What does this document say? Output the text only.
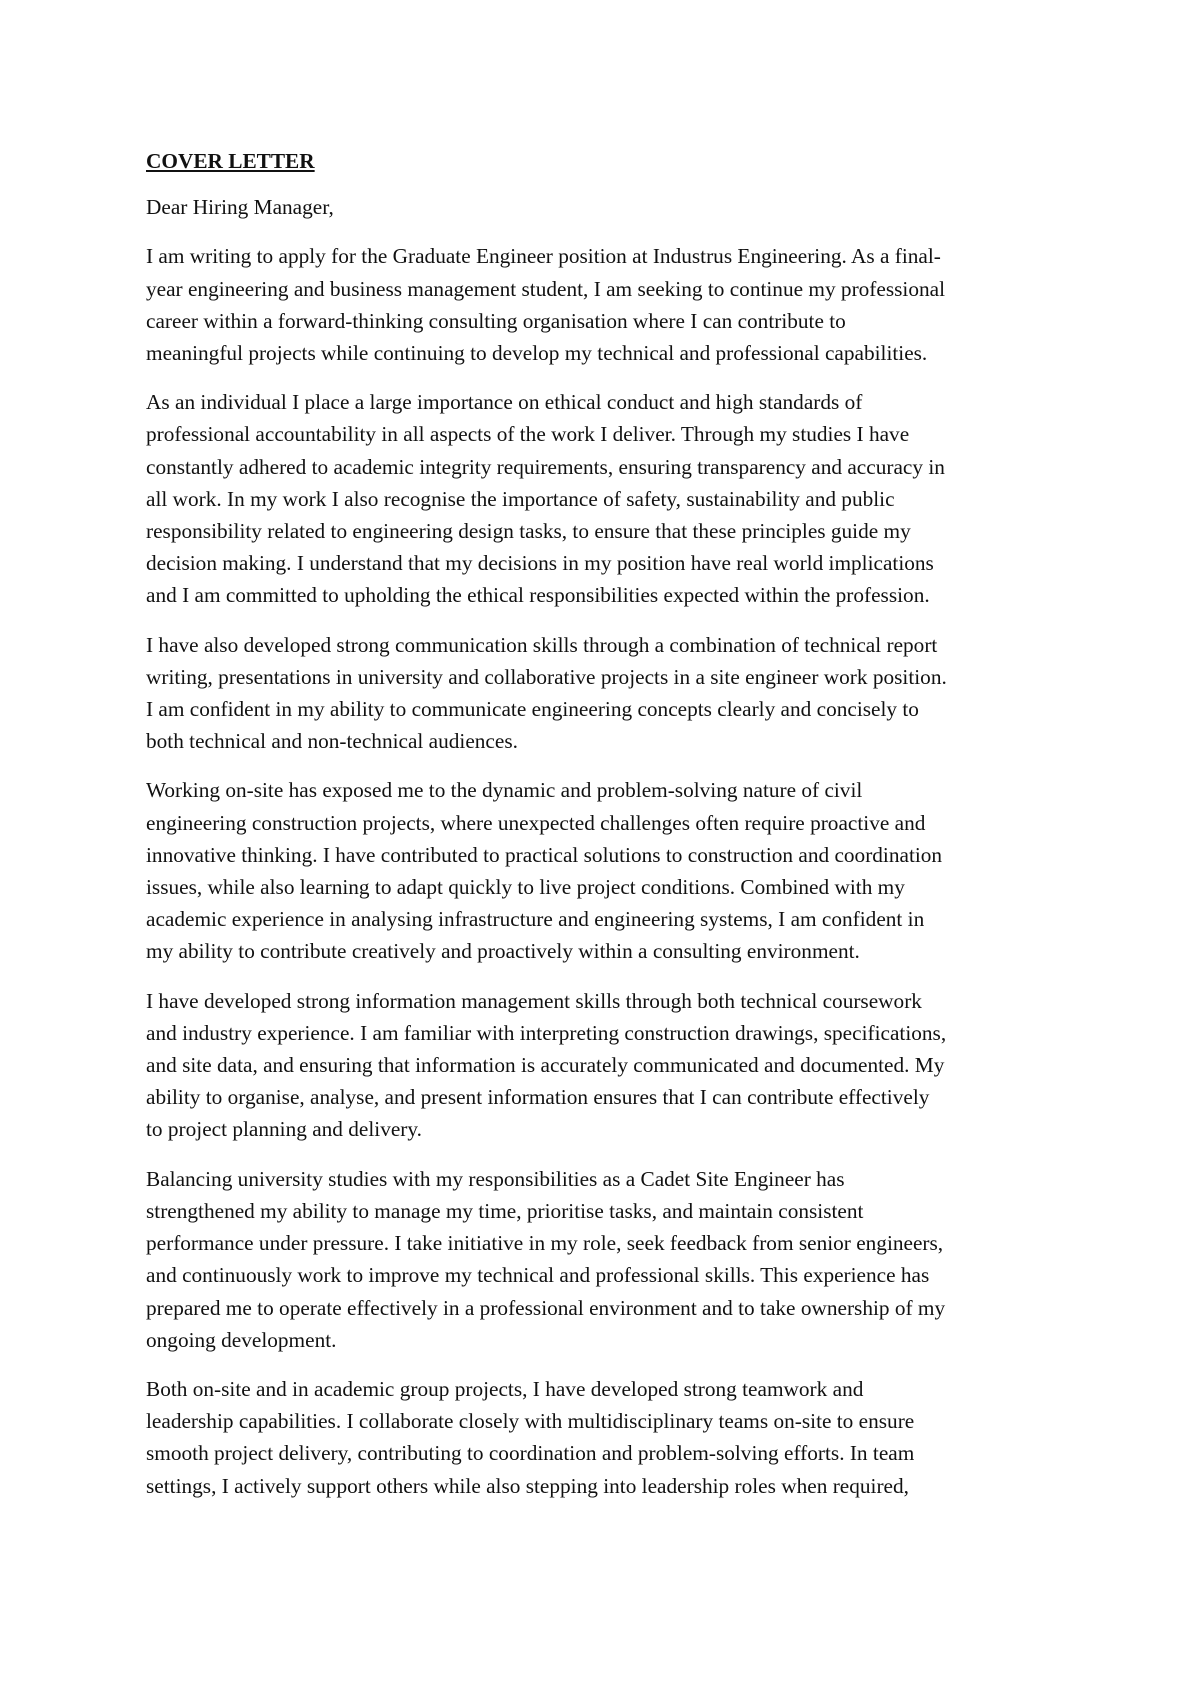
COVER LETTER
Dear Hiring Manager,
I am writing to apply for the Graduate Engineer position at Industrus Engineering. As a final-
year engineering and business management student, I am seeking to continue my professional
career within a forward-thinking consulting organisation where I can contribute to
meaningful projects while continuing to develop my technical and professional capabilities.
As an individual I place a large importance on ethical conduct and high standards of
professional accountability in all aspects of the work I deliver. Through my studies I have
constantly adhered to academic integrity requirements, ensuring transparency and accuracy in
all work. In my work I also recognise the importance of safety, sustainability and public
responsibility related to engineering design tasks, to ensure that these principles guide my
decision making. I understand that my decisions in my position have real world implications
and I am committed to upholding the ethical responsibilities expected within the profession.
I have also developed strong communication skills through a combination of technical report
writing, presentations in university and collaborative projects in a site engineer work position.
I am confident in my ability to communicate engineering concepts clearly and concisely to
both technical and non-technical audiences.
Working on-site has exposed me to the dynamic and problem-solving nature of civil
engineering construction projects, where unexpected challenges often require proactive and
innovative thinking. I have contributed to practical solutions to construction and coordination
issues, while also learning to adapt quickly to live project conditions. Combined with my
academic experience in analysing infrastructure and engineering systems, I am confident in
my ability to contribute creatively and proactively within a consulting environment.
I have developed strong information management skills through both technical coursework
and industry experience. I am familiar with interpreting construction drawings, specifications,
and site data, and ensuring that information is accurately communicated and documented. My
ability to organise, analyse, and present information ensures that I can contribute effectively
to project planning and delivery.
Balancing university studies with my responsibilities as a Cadet Site Engineer has
strengthened my ability to manage my time, prioritise tasks, and maintain consistent
performance under pressure. I take initiative in my role, seek feedback from senior engineers,
and continuously work to improve my technical and professional skills. This experience has
prepared me to operate effectively in a professional environment and to take ownership of my
ongoing development.
Both on-site and in academic group projects, I have developed strong teamwork and
leadership capabilities. I collaborate closely with multidisciplinary teams on-site to ensure
smooth project delivery, contributing to coordination and problem-solving efforts. In team
settings, I actively support others while also stepping into leadership roles when required,
